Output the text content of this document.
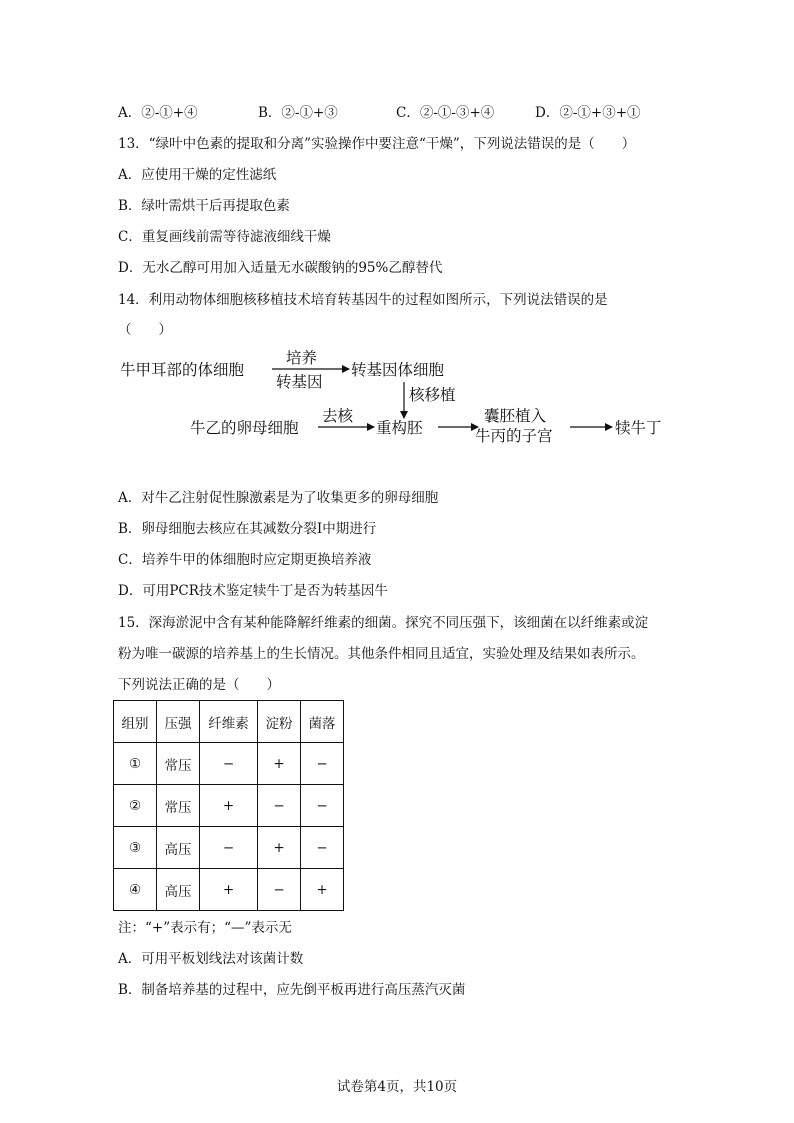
A．②-①+④	B．②-①+③	C．②-①-③+④	D．②-①+③+①
13．“绿叶中色素的提取和分离”实验操作中要注意“干燥”，下列说法错误的是（　　）
A．应使用干燥的定性滤纸
B．绿叶需烘干后再提取色素
C．重复画线前需等待滤液细线干燥
D．无水乙醇可用加入适量无水碳酸钠的95%乙醇替代
14．利用动物体细胞核移植技术培育转基因牛的过程如图所示，下列说法错误的是
（　　）
牛甲耳部的体细胞
培养
转基因
转基因体细胞
核移植
牛乙的卵母细胞
去核
重构胚
囊胚植入
牛丙的子宫	犊牛丁
A．对牛乙注射促性腺激素是为了收集更多的卵母细胞
B．卵母细胞去核应在其减数分裂Ⅰ中期进行
C．培养牛甲的体细胞时应定期更换培养液
D．可用PCR技术鉴定犊牛丁是否为转基因牛
15．深海淤泥中含有某种能降解纤维素的细菌。探究不同压强下，该细菌在以纤维素或淀
粉为唯一碳源的培养基上的生长情况。其他条件相同且适宜，实验处理及结果如表所示。
下列说法正确的是（　　）
组别	压强	纤维素	淀粉	菌落
①	常压	−	+	−
②	常压	+	−	−
③	高压	−	+	−
④	高压	+	−	+
注：“+”表示有；“—”表示无
A．可用平板划线法对该菌计数
B．制备培养基的过程中，应先倒平板再进行高压蒸汽灭菌
试卷第4页，共10页
